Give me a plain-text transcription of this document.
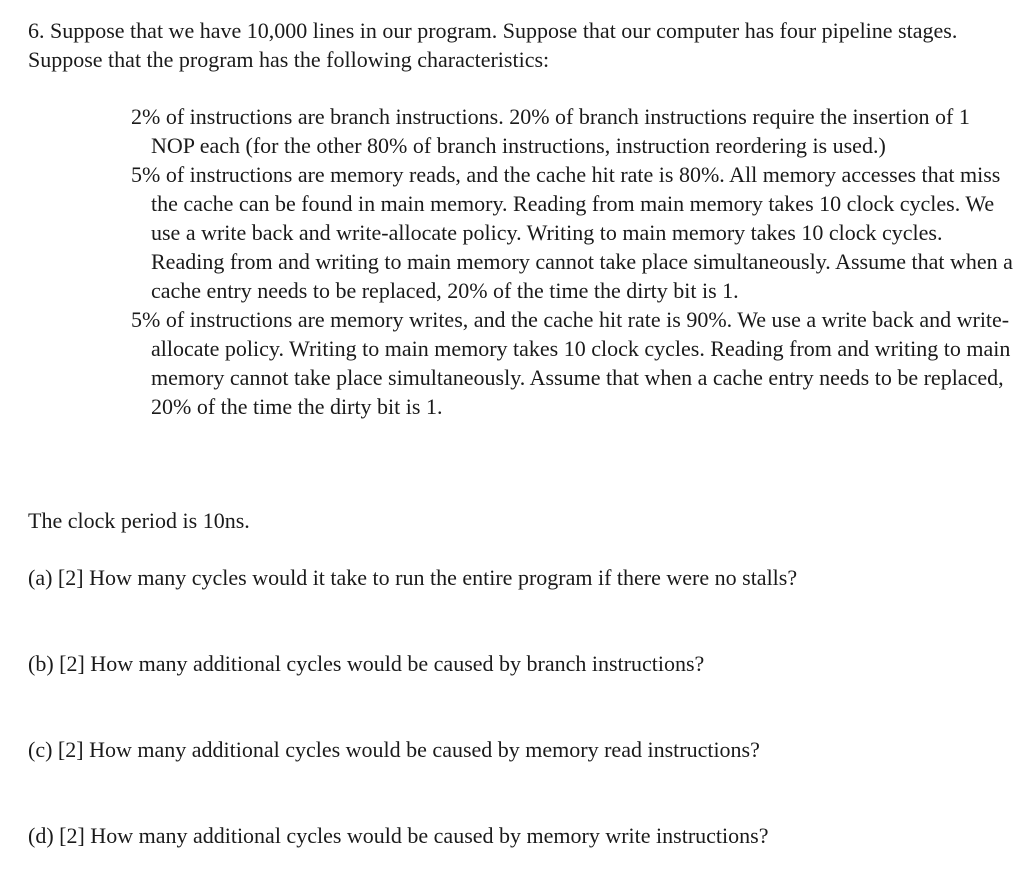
6. Suppose that we have 10,000 lines in our program. Suppose that our computer has four pipeline stages. Suppose that the program has the following characteristics:

2% of instructions are branch instructions. 20% of branch instructions require the insertion of 1 NOP each (for the other 80% of branch instructions, instruction reordering is used.)

5% of instructions are memory reads, and the cache hit rate is 80%. All memory accesses that miss the cache can be found in main memory. Reading from main memory takes 10 clock cycles. We use a write back and write-allocate policy. Writing to main memory takes 10 clock cycles. Reading from and writing to main memory cannot take place simultaneously. Assume that when a cache entry needs to be replaced, 20% of the time the dirty bit is 1.

5% of instructions are memory writes, and the cache hit rate is 90%. We use a write back and write-allocate policy. Writing to main memory takes 10 clock cycles. Reading from and writing to main memory cannot take place simultaneously. Assume that when a cache entry needs to be replaced, 20% of the time the dirty bit is 1.

The clock period is 10ns.

(a) [2] How many cycles would it take to run the entire program if there were no stalls?

(b) [2] How many additional cycles would be caused by branch instructions?

(c) [2] How many additional cycles would be caused by memory read instructions?

(d) [2] How many additional cycles would be caused by memory write instructions?
